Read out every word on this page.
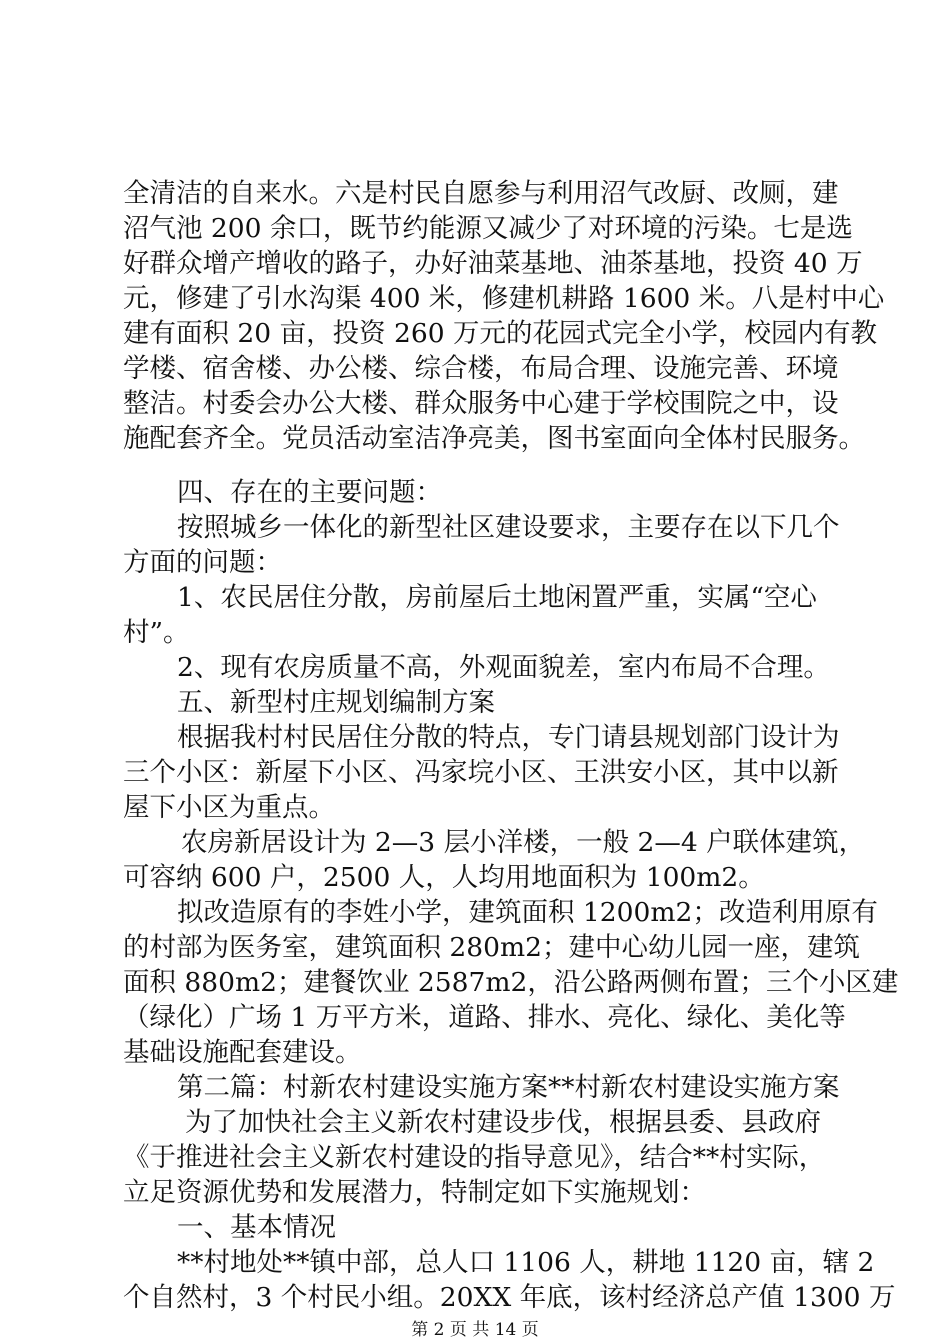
全清洁的自来水。六是村民自愿参与利用沼气改厨、改厕，建
沼气池 200 余口，既节约能源又减少了对环境的污染。七是选
好群众增产增收的路子，办好油菜基地、油茶基地，投资 40 万
元，修建了引水沟渠 400 米，修建机耕路 1600 米。八是村中心
建有面积 20 亩，投资 260 万元的花园式完全小学，校园内有教
学楼、宿舍楼、办公楼、综合楼，布局合理、设施完善、环境
整洁。村委会办公大楼、群众服务中心建于学校围院之中，设
施配套齐全。党员活动室洁净亮美，图书室面向全体村民服务。
四、存在的主要问题：
按照城乡一体化的新型社区建设要求，主要存在以下几个
方面的问题：
1、农民居住分散，房前屋后土地闲置严重，实属“空心
村”。
2、现有农房质量不高，外观面貌差，室内布局不合理。
五、新型村庄规划编制方案
根据我村村民居住分散的特点，专门请县规划部门设计为
三个小区：新屋下小区、冯家垸小区、王洪安小区，其中以新
屋下小区为重点。
农房新居设计为 2—3 层小洋楼，一般 2—4 户联体建筑，
可容纳 600 户，2500 人，人均用地面积为 100m2。
拟改造原有的李姓小学，建筑面积 1200m2；改造利用原有
的村部为医务室，建筑面积 280m2；建中心幼儿园一座，建筑
面积 880m2；建餐饮业 2587m2，沿公路两侧布置；三个小区建
（绿化）广场 1 万平方米，道路、排水、亮化、绿化、美化等
基础设施配套建设。
第二篇：村新农村建设实施方案**村新农村建设实施方案
为了加快社会主义新农村建设步伐，根据县委、县政府
《于推进社会主义新农村建设的指导意见》，结合**村实际，
立足资源优势和发展潜力，特制定如下实施规划：
一、基本情况
**村地处**镇中部，总人口 1106 人，耕地 1120 亩，辖 2
个自然村，3 个村民小组。20XX 年底，该村经济总产值 1300 万
第 2 页 共 14 页
